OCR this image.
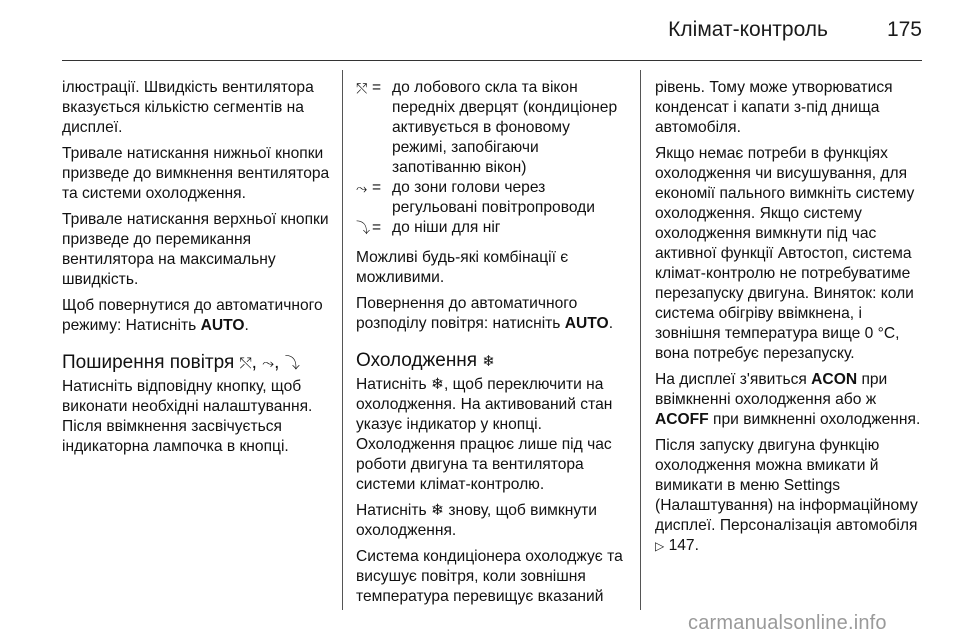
Клімат-контроль	175

ілюстрації. Швидкість вентилятора вказується кількістю сегментів на дисплеї.

Тривале натискання нижньої кнопки призведе до вимкнення вентилятора та системи охолодження.

Тривале натискання верхньої кнопки призведе до перемикання вентилятора на максимальну швидкість.

Щоб повернутися до автоматичного режиму: Натисніть AUTO.

Поширення повітря ⤲, ⤳, ⤵

Натисніть відповідну кнопку, щоб виконати необхідні налаштування. Після ввімкнення засвічується індикаторна лампочка в кнопці.

⤲ = до лобового скла та вікон передніх дверцят (кондиціонер активується в фоновому режимі, запобігаючи запотіванню вікон)
⤳ = до зони голови через регульовані повітропроводи
⤵ = до ніши для ніг

Можливі будь-які комбінації є можливими.

Повернення до автоматичного розподілу повітря: натисніть AUTO.

Охолодження ❄

Натисніть ❄, щоб переключити на охолодження. На активований стан указує індикатор у кнопці.

Охолодження працює лише під час роботи двигуна та вентилятора системи клімат-контролю.

Натисніть ❄ знову, щоб вимкнути охолодження.

Система кондиціонера охолоджує та висушує повітря, коли зовнішня температура перевищує вказаний

рівень. Тому може утворюватися конденсат і капати з-під днища автомобіля.

Якщо немає потреби в функціях охолодження чи висушування, для економії пального вимкніть систему охолодження. Якщо систему охолодження вимкнути під час активної функції Автостоп, система клімат-контролю не потребуватиме перезапуску двигуна. Виняток: коли система обігріву ввімкнена, і зовнішня температура вище 0 °C, вона потребує перезапуску.

На дисплеї з'явиться ACON при ввімкненні охолодження або ж ACOFF при вимкненні охолодження.

Після запуску двигуна функцію охолодження можна вмикати й вимикати в меню Settings (Налаштування) на інформаційному дисплеї. Персоналізація автомобіля ▷ 147.

carmanualsonline.info
